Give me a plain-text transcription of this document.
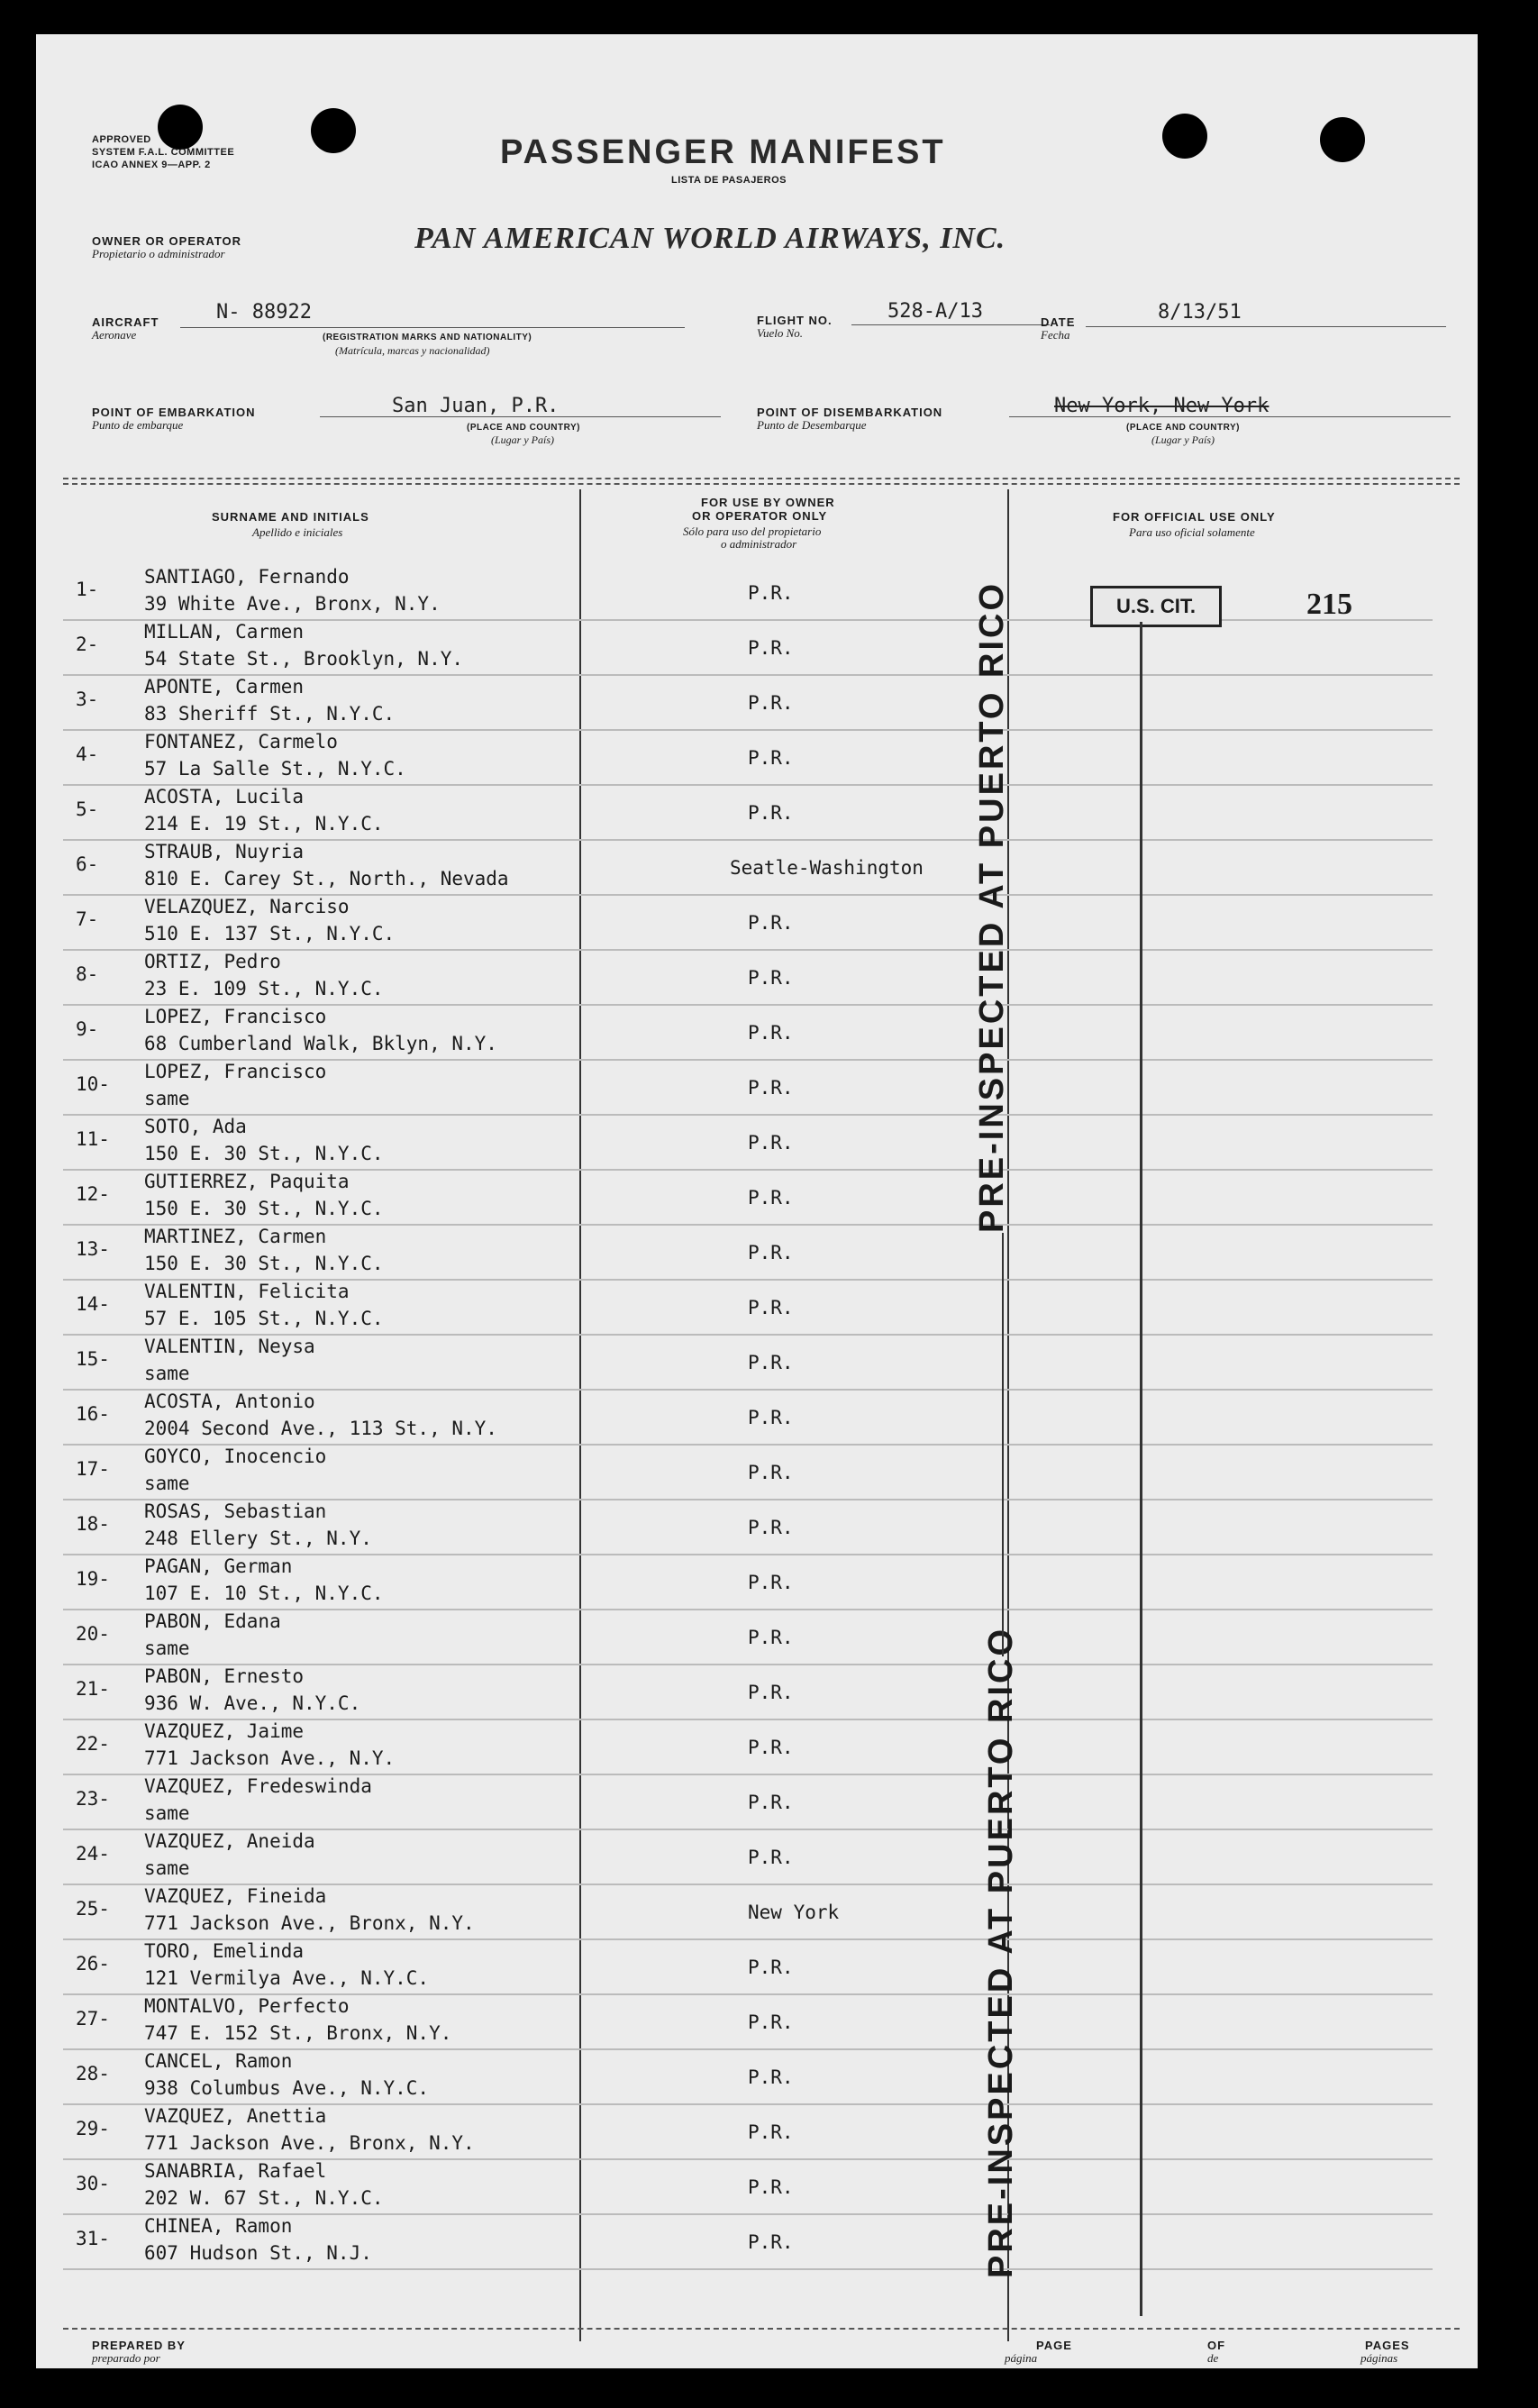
APPROVED
SYSTEM F.A.L. COMMITTEE
ICAO ANNEX 9—APP. 2	PASSENGER MANIFEST
LISTA DE PASAJEROS
OWNER OR OPERATOR
Propietario o administrador	PAN AMERICAN WORLD AIRWAYS, INC.
AIRCRAFT
Aeronave
N- 88922
(REGISTRATION MARKS AND NATIONALITY)
(Matrícula, marcas y nacionalidad)
FLIGHT NO.
Vuelo No.
528-A/13	DATE
Fecha
8/13/51
POINT OF EMBARKATION
Punto de embarque
San Juan, P.R.
(PLACE AND COUNTRY)
(Lugar y País)
POINT OF DISEMBARKATION
Punto de Desembarque
New York, New York
(PLACE AND COUNTRY)
(Lugar y País)
SURNAME AND INITIALS
Apellido e iniciales
FOR USE BY OWNER
OR OPERATOR ONLY
Sólo para uso del propietario
o administrador
FOR OFFICIAL USE ONLY
Para uso oficial solamente
1-
SANTIAGO, Fernando
39 White Ave., Bronx, N.Y.	P.R.
2-
MILLAN, Carmen
54 State St., Brooklyn, N.Y.	P.R.
3-
APONTE, Carmen
83 Sheriff St., N.Y.C.	P.R.
4-
FONTANEZ, Carmelo
57 La Salle St., N.Y.C.	P.R.
5-
ACOSTA, Lucila
214 E. 19 St., N.Y.C.	P.R.
6-
STRAUB, Nuyria
810 E. Carey St., North., Nevada	Seatle-Washington
7-
VELAZQUEZ, Narciso
510 E. 137 St., N.Y.C.	P.R.
8-
ORTIZ, Pedro
23 E. 109 St., N.Y.C.	P.R.
9-
LOPEZ, Francisco
68 Cumberland Walk, Bklyn, N.Y.	P.R.
10-
LOPEZ, Francisco
same	P.R.
11-
SOTO, Ada
150 E. 30 St., N.Y.C.	P.R.
12-
GUTIERREZ, Paquita
150 E. 30 St., N.Y.C.	P.R.
13-
MARTINEZ, Carmen
150 E. 30 St., N.Y.C.	P.R.
14-
VALENTIN, Felicita
57 E. 105 St., N.Y.C.	P.R.
15-
VALENTIN, Neysa
same	P.R.
16-
ACOSTA, Antonio
2004 Second Ave., 113 St., N.Y.	P.R.
17-
GOYCO, Inocencio
same	P.R.
18-
ROSAS, Sebastian
248 Ellery St., N.Y.	P.R.
19-
PAGAN, German
107 E. 10 St., N.Y.C.	P.R.
20-
PABON, Edana
same	P.R.
21-
PABON, Ernesto
936 W. Ave., N.Y.C.	P.R.
22-
VAZQUEZ, Jaime
771 Jackson Ave., N.Y.	P.R.
23-
VAZQUEZ, Fredeswinda
same	P.R.
24-
VAZQUEZ, Aneida
same	P.R.
25-
VAZQUEZ, Fineida
771 Jackson Ave., Bronx, N.Y.	New York
26-
TORO, Emelinda
121 Vermilya Ave., N.Y.C.	P.R.
27-
MONTALVO, Perfecto
747 E. 152 St., Bronx, N.Y.	P.R.
28-
CANCEL, Ramon
938 Columbus Ave., N.Y.C.	P.R.
29-
VAZQUEZ, Anettia
771 Jackson Ave., Bronx, N.Y.	P.R.
30-
SANABRIA, Rafael
202 W. 67 St., N.Y.C.	P.R.
31-
CHINEA, Ramon
607 Hudson St., N.J.	P.R.
PRE-INSPECTED AT PUERTO RICO
PRE-INSPECTED AT PUERTO RICO
U.S. CIT.	215
PREPARED BY
preparado por
PAGE
página
OF
de
PAGES
páginas
